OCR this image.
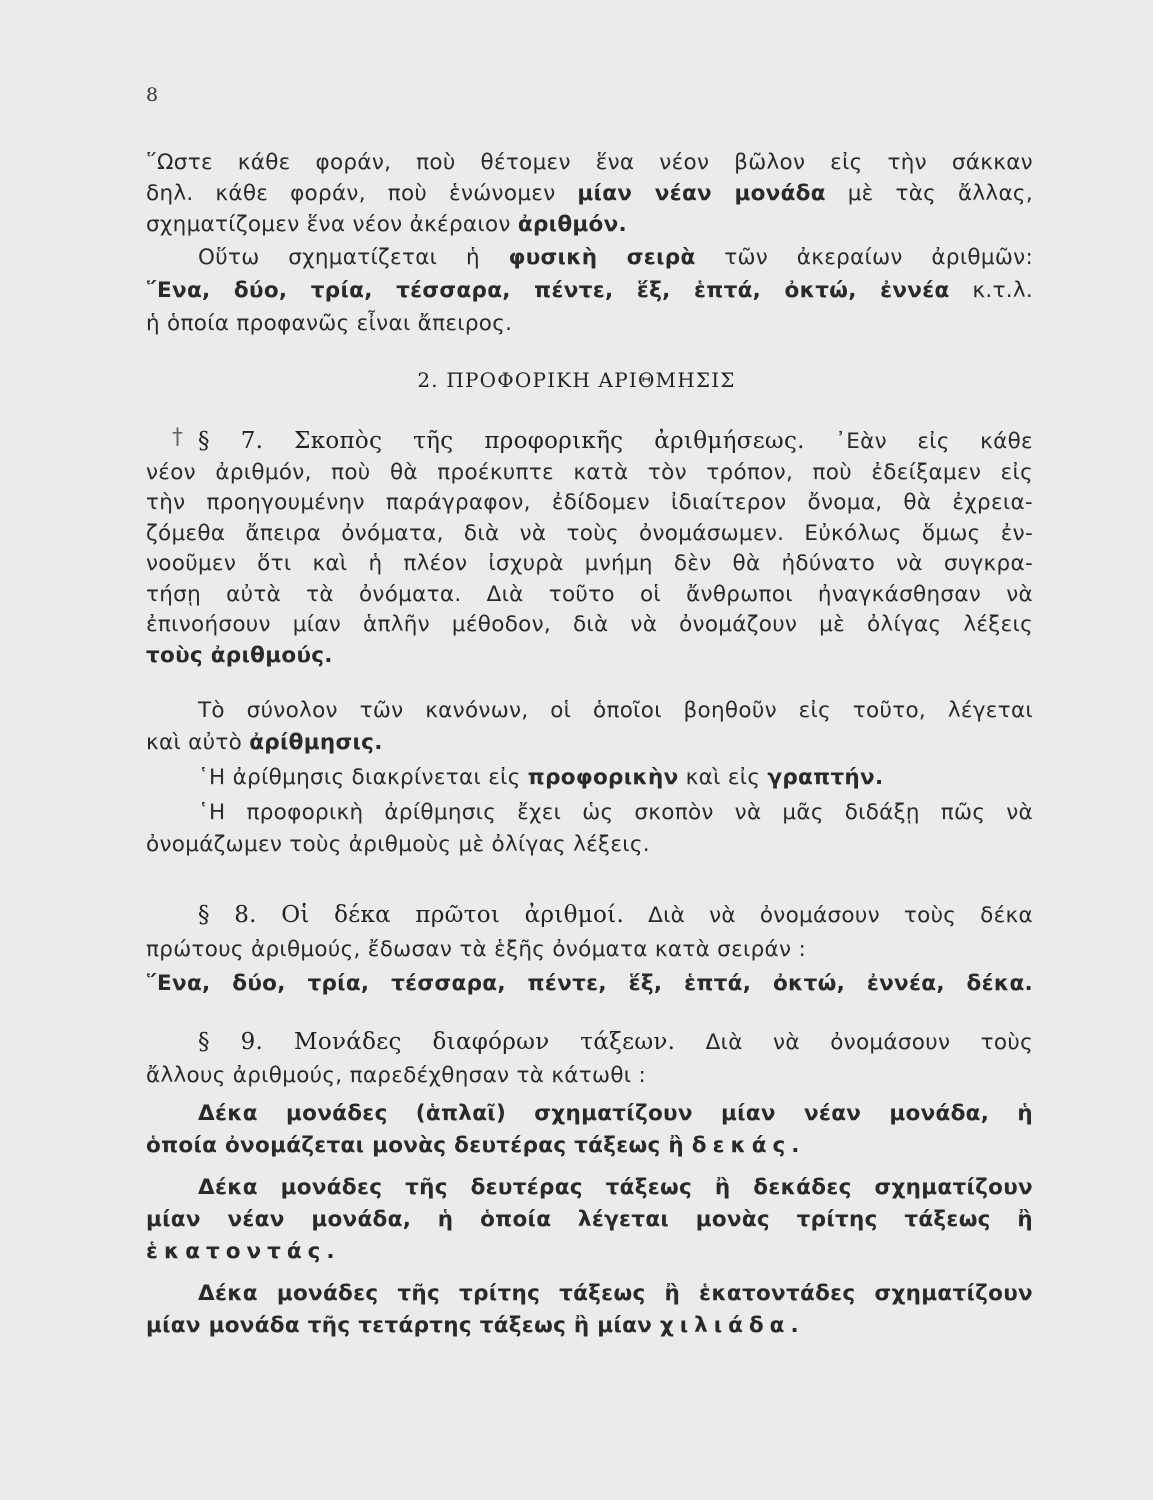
8
῞Ωστε κάθε φοράν, ποὺ θέτομεν ἕνα νέον βῶλον εἰς τὴν σάκκαν
δηλ. κάθε φοράν, ποὺ ἑνώνομεν μίαν νέαν μονάδα μὲ τὰς ἄλλας,
σχηματίζομεν ἕνα νέον ἀκέραιον ἀριθμόν.
Οὕτω σχηματίζεται ἡ φυσικὴ σειρὰ τῶν ἀκεραίων ἀριθμῶν:
῞Ενα, δύο, τρία, τέσσαρα, πέντε, ἕξ, ἑπτά, ὀκτώ, ἐννέα κ.τ.λ.
ἡ ὁποία προφανῶς εἶναι ἄπειρος.
2. ΠΡΟΦΟΡΙΚΗ ΑΡΙΘΜΗΣΙΣ
† § 7. Σκοπὸς τῆς προφορικῆς ἀριθμήσεως. ᾿Εὰν εἰς κάθε
νέον ἀριθμόν, ποὺ θὰ προέκυπτε κατὰ τὸν τρόπον, ποὺ ἐδείξαμεν εἰς
τὴν προηγουμένην παράγραφον, ἐδίδομεν ἰδιαίτερον ὄνομα, θὰ ἐχρεια-
ζόμεθα ἄπειρα ὀνόματα, διὰ νὰ τοὺς ὀνομάσωμεν. Εὐκόλως ὅμως ἐν-
νοοῦμεν ὅτι καὶ ἡ πλέον ἰσχυρὰ μνήμη δὲν θὰ ἠδύνατο νὰ συγκρα-
τήσῃ αὐτὰ τὰ ὀνόματα. Διὰ τοῦτο οἱ ἄνθρωποι ἠναγκάσθησαν νὰ
ἐπινοήσουν μίαν ἁπλῆν μέθοδον, διὰ νὰ ὀνομάζουν μὲ ὀλίγας λέξεις
τοὺς ἀριθμούς.
Τὸ σύνολον τῶν κανόνων, οἱ ὁποῖοι βοηθοῦν εἰς τοῦτο, λέγεται
καὶ αὐτὸ ἀρίθμησις.
῾Η ἀρίθμησις διακρίνεται εἰς προφορικὴν καὶ εἰς γραπτήν.
῾Η προφορικὴ ἀρίθμησις ἔχει ὡς σκοπὸν νὰ μᾶς διδάξῃ πῶς νὰ
ὀνομάζωμεν τοὺς ἀριθμοὺς μὲ ὀλίγας λέξεις.
§ 8. Οἱ δέκα πρῶτοι ἀριθμοί. Διὰ νὰ ὀνομάσουν τοὺς δέκα
πρώτους ἀριθμούς, ἔδωσαν τὰ ἑξῆς ὀνόματα κατὰ σειράν :
῞Ενα, δύο, τρία, τέσσαρα, πέντε, ἕξ, ἑπτά, ὀκτώ, ἐννέα, δέκα.
§ 9. Μονάδες διαφόρων τάξεων. Διὰ νὰ ὀνομάσουν τοὺς
ἄλλους ἀριθμούς, παρεδέχθησαν τὰ κάτωθι :
Δέκα μονάδες (ἁπλαῖ) σχηματίζουν μίαν νέαν μονάδα, ἡ
ὁποία ὀνομάζεται μονὰς δευτέρας τάξεως ἢ δεκάς.
Δέκα μονάδες τῆς δευτέρας τάξεως ἢ δεκάδες σχηματίζουν
μίαν νέαν μονάδα, ἡ ὁποία λέγεται μονὰς τρίτης τάξεως ἢ
ἑκατοντάς.
Δέκα μονάδες τῆς τρίτης τάξεως ἢ ἑκατοντάδες σχηματίζουν
μίαν μονάδα τῆς τετάρτης τάξεως ἢ μίαν χιλιάδα.
